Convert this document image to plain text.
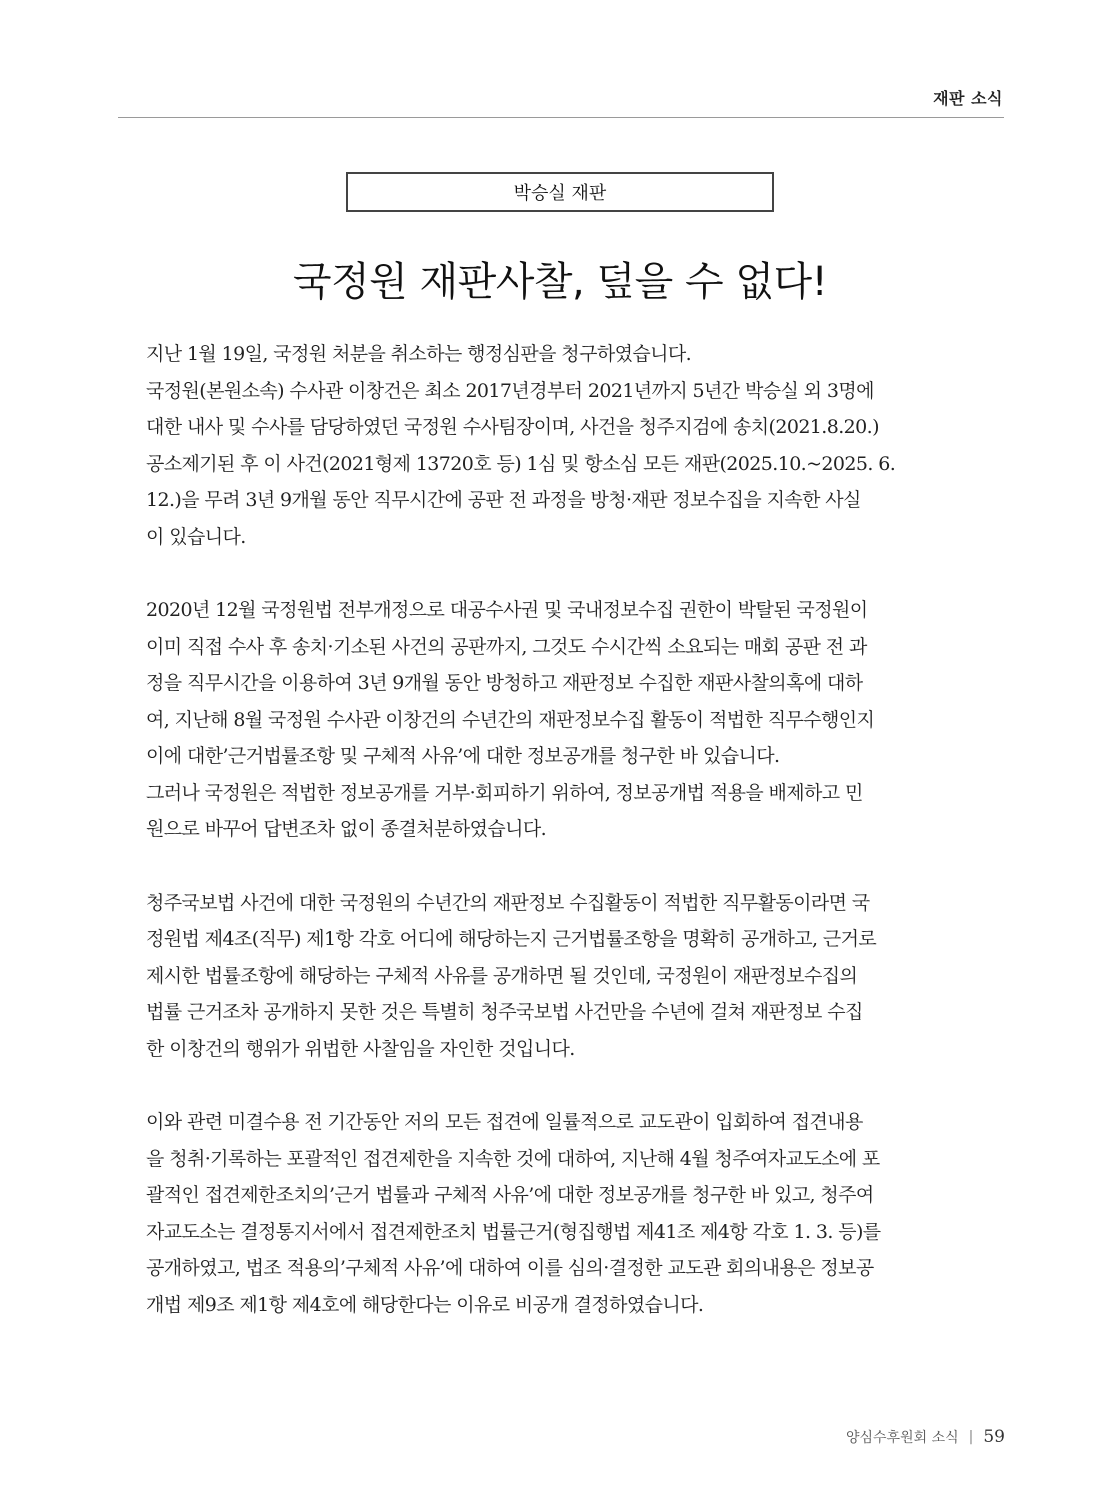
재판 소식
박승실 재판
국정원 재판사찰, 덮을 수 없다!

지난 1월 19일, 국정원 처분을 취소하는 행정심판을 청구하였습니다.
국정원(본원소속) 수사관 이창건은 최소 2017년경부터 2021년까지 5년간 박승실 외 3명에
대한 내사 및 수사를 담당하였던 국정원 수사팀장이며, 사건을 청주지검에 송치(2021.8.20.)
공소제기된 후 이 사건(2021형제 13720호 등) 1심 및 항소심 모든 재판(2025.10.~2025. 6.
12.)을 무려 3년 9개월 동안 직무시간에 공판 전 과정을 방청·재판 정보수집을 지속한 사실
이 있습니다.

2020년 12월 국정원법 전부개정으로 대공수사권 및 국내정보수집 권한이 박탈된 국정원이
이미 직접 수사 후 송치·기소된 사건의 공판까지, 그것도 수시간씩 소요되는 매회 공판 전 과
정을 직무시간을 이용하여 3년 9개월 동안 방청하고 재판정보 수집한 재판사찰의혹에 대하
여, 지난해 8월 국정원 수사관 이창건의 수년간의 재판정보수집 활동이 적법한 직무수행인지
이에 대한’근거법률조항 및 구체적 사유’에 대한 정보공개를 청구한 바 있습니다.
그러나 국정원은 적법한 정보공개를 거부·회피하기 위하여, 정보공개법 적용을 배제하고 민
원으로 바꾸어 답변조차 없이 종결처분하였습니다.

청주국보법 사건에 대한 국정원의 수년간의 재판정보 수집활동이 적법한 직무활동이라면 국
정원법 제4조(직무) 제1항 각호 어디에 해당하는지 근거법률조항을 명확히 공개하고, 근거로
제시한 법률조항에 해당하는 구체적 사유를 공개하면 될 것인데, 국정원이 재판정보수집의
법률 근거조차 공개하지 못한 것은 특별히 청주국보법 사건만을 수년에 걸쳐 재판정보 수집
한 이창건의 행위가 위법한 사찰임을 자인한 것입니다.

이와 관련 미결수용 전 기간동안 저의 모든 접견에 일률적으로 교도관이 입회하여 접견내용
을 청취·기록하는 포괄적인 접견제한을 지속한 것에 대하여, 지난해 4월 청주여자교도소에 포
괄적인 접견제한조치의’근거 법률과 구체적 사유’에 대한 정보공개를 청구한 바 있고, 청주여
자교도소는 결정통지서에서 접견제한조치 법률근거(형집행법 제41조 제4항 각호 1. 3. 등)를
공개하였고, 법조 적용의’구체적 사유’에 대하여 이를 심의·결정한 교도관 회의내용은 정보공
개법 제9조 제1항 제4호에 해당한다는 이유로 비공개 결정하였습니다.

양심수후원회 소식 | 59
